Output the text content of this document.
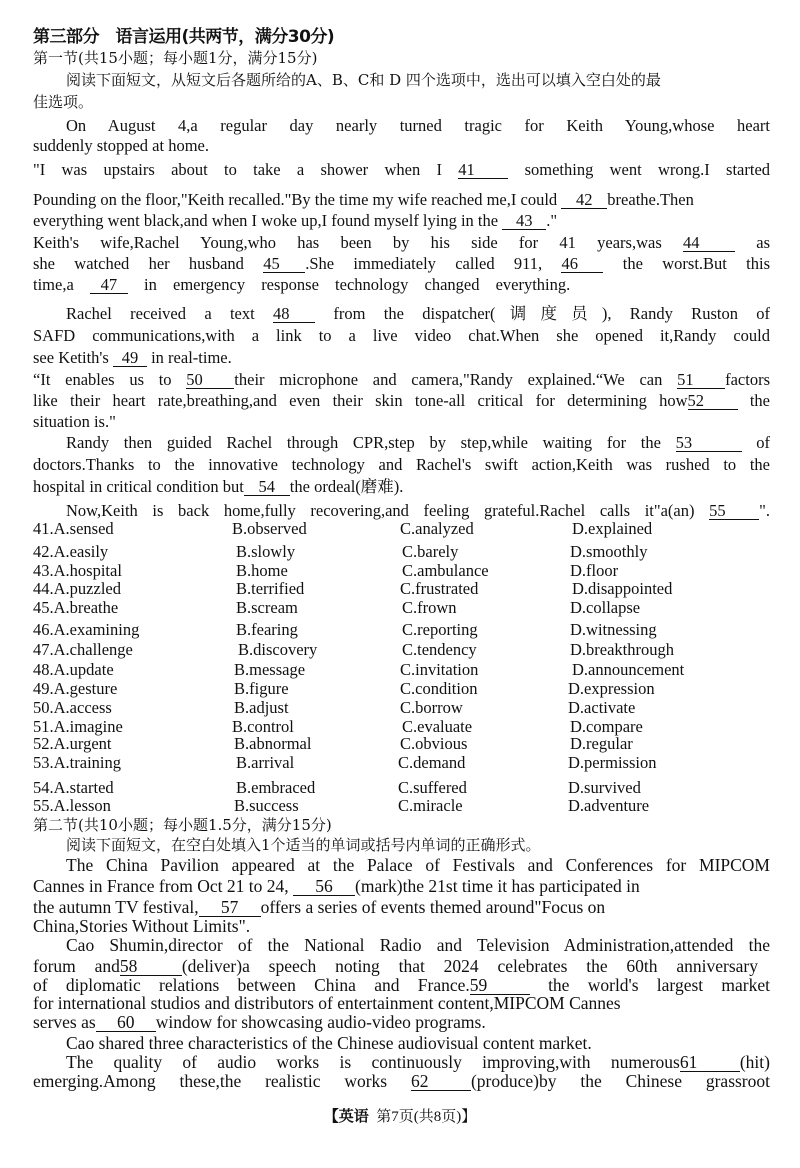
第三部分　语言运用(共两节，满分30分)
第一节(共15小题；每小题1分，满分15分)
阅读下面短文，从短文后各题所给的A、B、C和 D 四个选项中，选出可以填入空白处的最
佳选项。
On August 4,a regular day nearly turned tragic for Keith Young,whose heart
suddenly stopped at home.
"I was upstairs about to take a shower when I 41	something went wrong.I started
Pounding on the floor,"Keith recalled."By the time my wife reached me,I could 42 breathe.Then
everything went black,and when I woke up,I found myself lying in the 43 ."
Keith's wife,Rachel Young,who has been by his side for 41 years,was 44	as
she watched her husband 45 .She immediately called 911, 46	the worst.But this
time,a 47 in emergency response technology changed everything.
Rachel received a text 48	from the dispatcher(调度员), Randy Ruston of
SAFD communications,with a link to a live video chat.When she opened it,Randy could
see Ketith's 49 in real-time.
“It enables us to 50 their microphone and camera,"Randy explained.“We can 51 factors
like their heart rate,breathing,and even their skin tone-all critical for determining how52	the
situation is."
Randy then guided Rachel through CPR,step by step,while waiting for the 53	of
doctors.Thanks to the innovative technology and Rachel's swift action,Keith was rushed to the
hospital in critical condition but 54 the ordeal(磨难).
Now,Keith is back home,fully recovering,and feeling grateful.Rachel calls it"a(an) 55 ".
41.A.sensed	B.observed	C.analyzed	D.explained
42.A.easily	B.slowly	C.barely	D.smoothly
43.A.hospital	B.home	C.ambulance	D.floor
44.A.puzzled	B.terrified	C.frustrated	D.disappointed
45.A.breathe	B.scream	C.frown	D.collapse
46.A.examining	B.fearing	C.reporting	D.witnessing
47.A.challenge	B.discovery	C.tendency	D.breakthrough
48.A.update	B.message	C.invitation	D.announcement
49.A.gesture	B.figure	C.condition	D.expression
50.A.access	B.adjust	C.borrow	D.activate
51.A.imagine	B.control	C.evaluate	D.compare
52.A.urgent	B.abnormal	C.obvious	D.regular
53.A.training	B.arrival	C.demand	D.permission
54.A.started	B.embraced	C.suffered	D.survived
55.A.lesson	B.success	C.miracle	D.adventure
第二节(共10小题；每小题1.5分，满分15分)
阅读下面短文，在空白处填入1个适当的单词或括号内单词的正确形式。
The China Pavilion appeared at the Palace of Festivals and Conferences for MIPCOM
Cannes in France from Oct 21 to 24, 56 (mark)the 21st time it has participated in
the autumn TV festival, 57 offers a series of events themed around"Focus on
China,Stories Without Limits".
Cao Shumin,director of the National Radio and Television Administration,attended the
forum and58	(deliver)a speech noting that 2024 celebrates the 60th anniversary
of diplomatic relations between China and France.59	the world's largest market
for international studios and distributors of entertainment content,MIPCOM Cannes
serves as 60 window for showcasing audio-video programs.
Cao shared three characteristics of the Chinese audiovisual content market.
The quality of audio works is continuously improving,with numerous61 (hit)
emerging.Among these,the realistic works 62 (produce)by the Chinese grassroot
【英语 第7页(共8页)】
